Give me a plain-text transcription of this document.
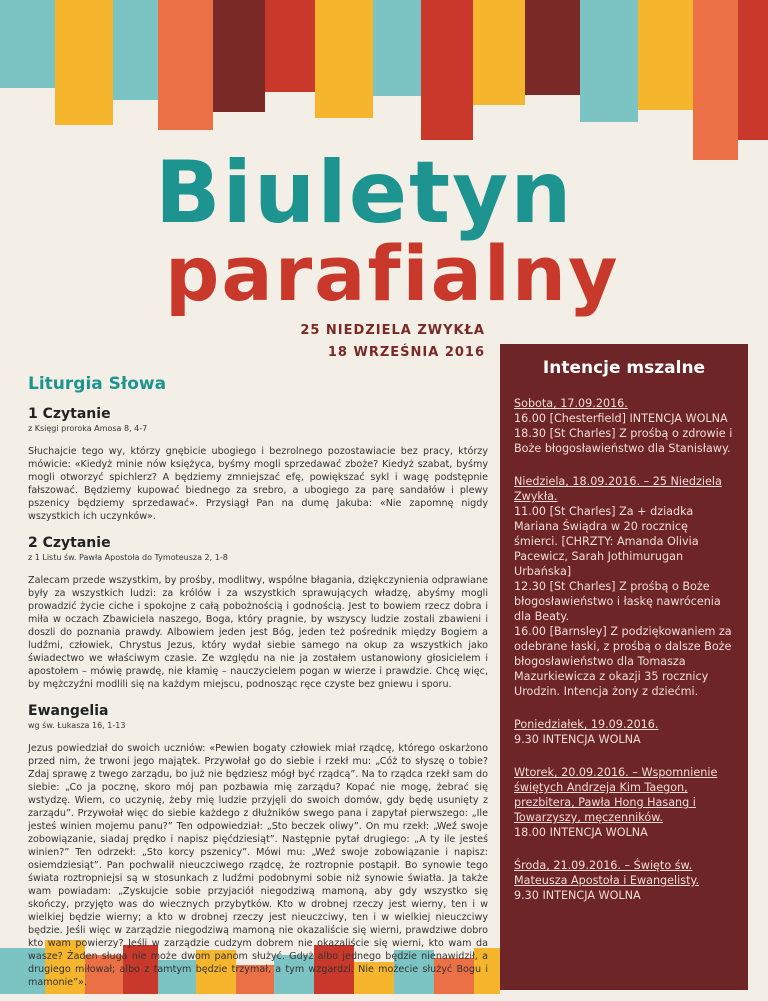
Biuletyn
parafialny
25 NIEDZIELA ZWYKŁA
18 WRZEŚNIA 2016
Liturgia Słowa
1 Czytanie

z Księgi proroka Amosa 8, 4-7

Słuchajcie tego wy, którzy gnębicie ubogiego i bezrolnego pozostawiacie bez pracy, którzy mówicie: «Kiedyż minie nów księżyca, byśmy mogli sprzedawać zboże? Kiedyż szabat, byśmy mogli otworzyć spichlerz? A będziemy zmniejszać efę, powiększać sykl i wagę podstępnie fałszować. Będziemy kupować biednego za srebro, a ubogiego za parę sandałów i plewy pszenicy będziemy sprzedawać». Przysiągł Pan na dumę Jakuba: «Nie zapomnę nigdy wszystkich ich uczynków».

2 Czytanie

z 1 Listu św. Pawła Apostoła do Tymoteusza 2, 1-8

Zalecam przede wszystkim, by prośby, modlitwy, wspólne błagania, dziękczynienia odprawiane były za wszystkich ludzi: za królów i za wszystkich sprawujących władzę, abyśmy mogli prowadzić życie ciche i spokojne z całą pobożnością i godnością. Jest to bowiem rzecz dobra i miła w oczach Zbawiciela naszego, Boga, który pragnie, by wszyscy ludzie zostali zbawieni i doszli do poznania prawdy. Albowiem jeden jest Bóg, jeden też pośrednik między Bogiem a ludźmi, człowiek, Chrystus Jezus, który wydał siebie samego na okup za wszystkich jako świadectwo we właściwym czasie. Ze względu na nie ja zostałem ustanowiony głosicielem i apostołem – mówię prawdę, nie kłamię – nauczycielem pogan w wierze i prawdzie. Chcę więc, by mężczyźni modlili się na każdym miejscu, podnosząc ręce czyste bez gniewu i sporu.

Ewangelia

wg św. Łukasza 16, 1-13

Jezus powiedział do swoich uczniów: «Pewien bogaty człowiek miał rządcę, którego oskarżono przed nim, że trwoni jego majątek. Przywołał go do siebie i rzekł mu: „Cóż to słyszę o tobie? Zdaj sprawę z twego zarządu, bo już nie będziesz mógł być rządcą”. Na to rządca rzekł sam do siebie: „Co ja pocznę, skoro mój pan pozbawia mię zarządu? Kopać nie mogę, żebrać się wstydzę. Wiem, co uczynię, żeby mię ludzie przyjęli do swoich domów, gdy będę usunięty z zarządu”. Przywołał więc do siebie każdego z dłużników swego pana i zapytał pierwszego: „Ile jesteś winien mojemu panu?” Ten odpowiedział: „Sto beczek oliwy”. On mu rzekł: „Weź swoje zobowiązanie, siadaj prędko i napisz pięćdziesiąt”. Następnie pytał drugiego: „A ty ile jesteś winien?” Ten odrzekł: „Sto korcy pszenicy”. Mówi mu: „Weź swoje zobowiązanie i napisz: osiemdziesiąt”. Pan pochwalił nieuczciwego rządcę, że roztropnie postąpił. Bo synowie tego świata roztropniejsi są w stosunkach z ludźmi podobnymi sobie niż synowie światła. Ja także wam powiadam: „Zyskujcie sobie przyjaciół niegodziwą mamoną, aby gdy wszystko się skończy, przyjęto was do wiecznych przybytków. Kto w drobnej rzeczy jest wierny, ten i w wielkiej będzie wierny; a kto w drobnej rzeczy jest nieuczciwy, ten i w wielkiej nieuczciwy będzie. Jeśli więc w zarządzie niegodziwą mamoną nie okazaliście się wierni, prawdziwe dobro kto wam powierzy? Jeśli w zarządzie cudzym dobrem nie okazaliście się wierni, kto wam da wasze? Żaden sługa nie może dwom panom służyć. Gdyż albo jednego będzie nienawidził, a drugiego miłował; albo z tamtym będzie trzymał, a tym wzgardzi. Nie możecie służyć Bogu i mamonie”».

Intencje mszalne
Sobota, 17.09.2016.
16.00 [Chesterfield] INTENCJA WOLNA
18.30 [St Charles] Z prośbą o zdrowie i Boże błogosławieństwo dla Stanisławy.
Niedziela, 18.09.2016. – 25 Niedziela Zwykła.
11.00 [St Charles] Za + dziadka Mariana Świądra w 20 rocznicę śmierci. [CHRZTY: Amanda Olivia Pacewicz, Sarah Jothimurugan Urbańska]
12.30 [St Charles] Z prośbą o Boże błogosławieństwo i łaskę nawrócenia dla Beaty.
16.00 [Barnsley] Z podziękowaniem za odebrane łaski, z prośbą o dalsze Boże błogosławieństwo dla Tomasza Mazurkiewicza z okazji 35 rocznicy Urodzin. Intencja żony z dziećmi.
Poniedziałek, 19.09.2016.
9.30 INTENCJA WOLNA
Wtorek, 20.09.2016. – Wspomnienie świętych Andrzeja Kim Taegon, prezbitera, Pawła Hong Hasang i Towarzyszy, męczenników.
18.00 INTENCJA WOLNA
Środa, 21.09.2016. – Święto św. Mateusza Apostoła i Ewangelisty.
9.30 INTENCJA WOLNA
